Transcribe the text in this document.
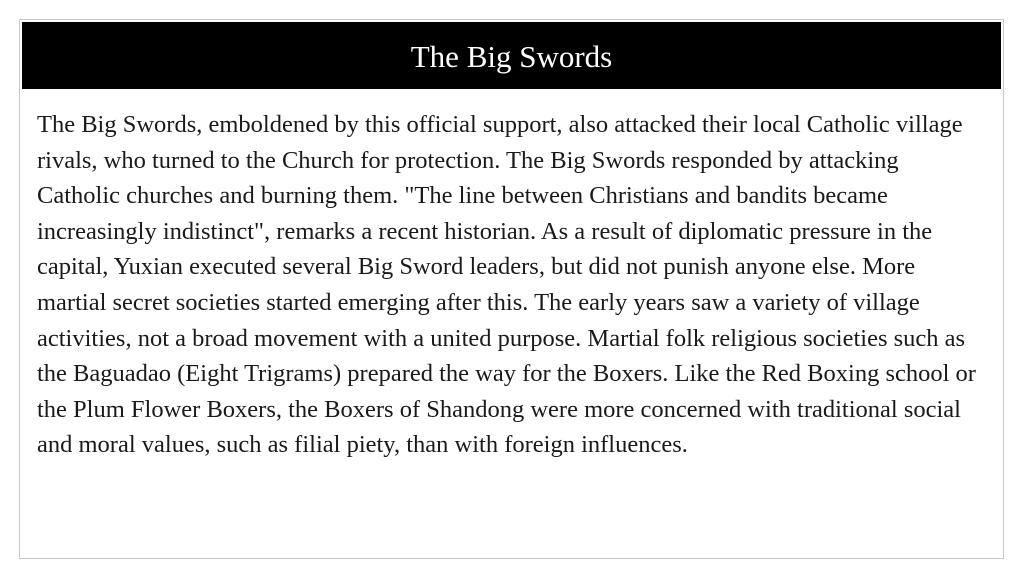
The Big Swords

The Big Swords, emboldened by this official support, also attacked their local Catholic village rivals, who turned to the Church for protection. The Big Swords responded by attacking Catholic churches and burning them. "The line between Christians and bandits became increasingly indistinct", remarks a recent historian. As a result of diplomatic pressure in the capital, Yuxian executed several Big Sword leaders, but did not punish anyone else. More martial secret societies started emerging after this. The early years saw a variety of village activities, not a broad movement with a united purpose. Martial folk religious societies such as the Baguadao (Eight Trigrams) prepared the way for the Boxers. Like the Red Boxing school or the Plum Flower Boxers, the Boxers of Shandong were more concerned with traditional social and moral values, such as filial piety, than with foreign influences.
